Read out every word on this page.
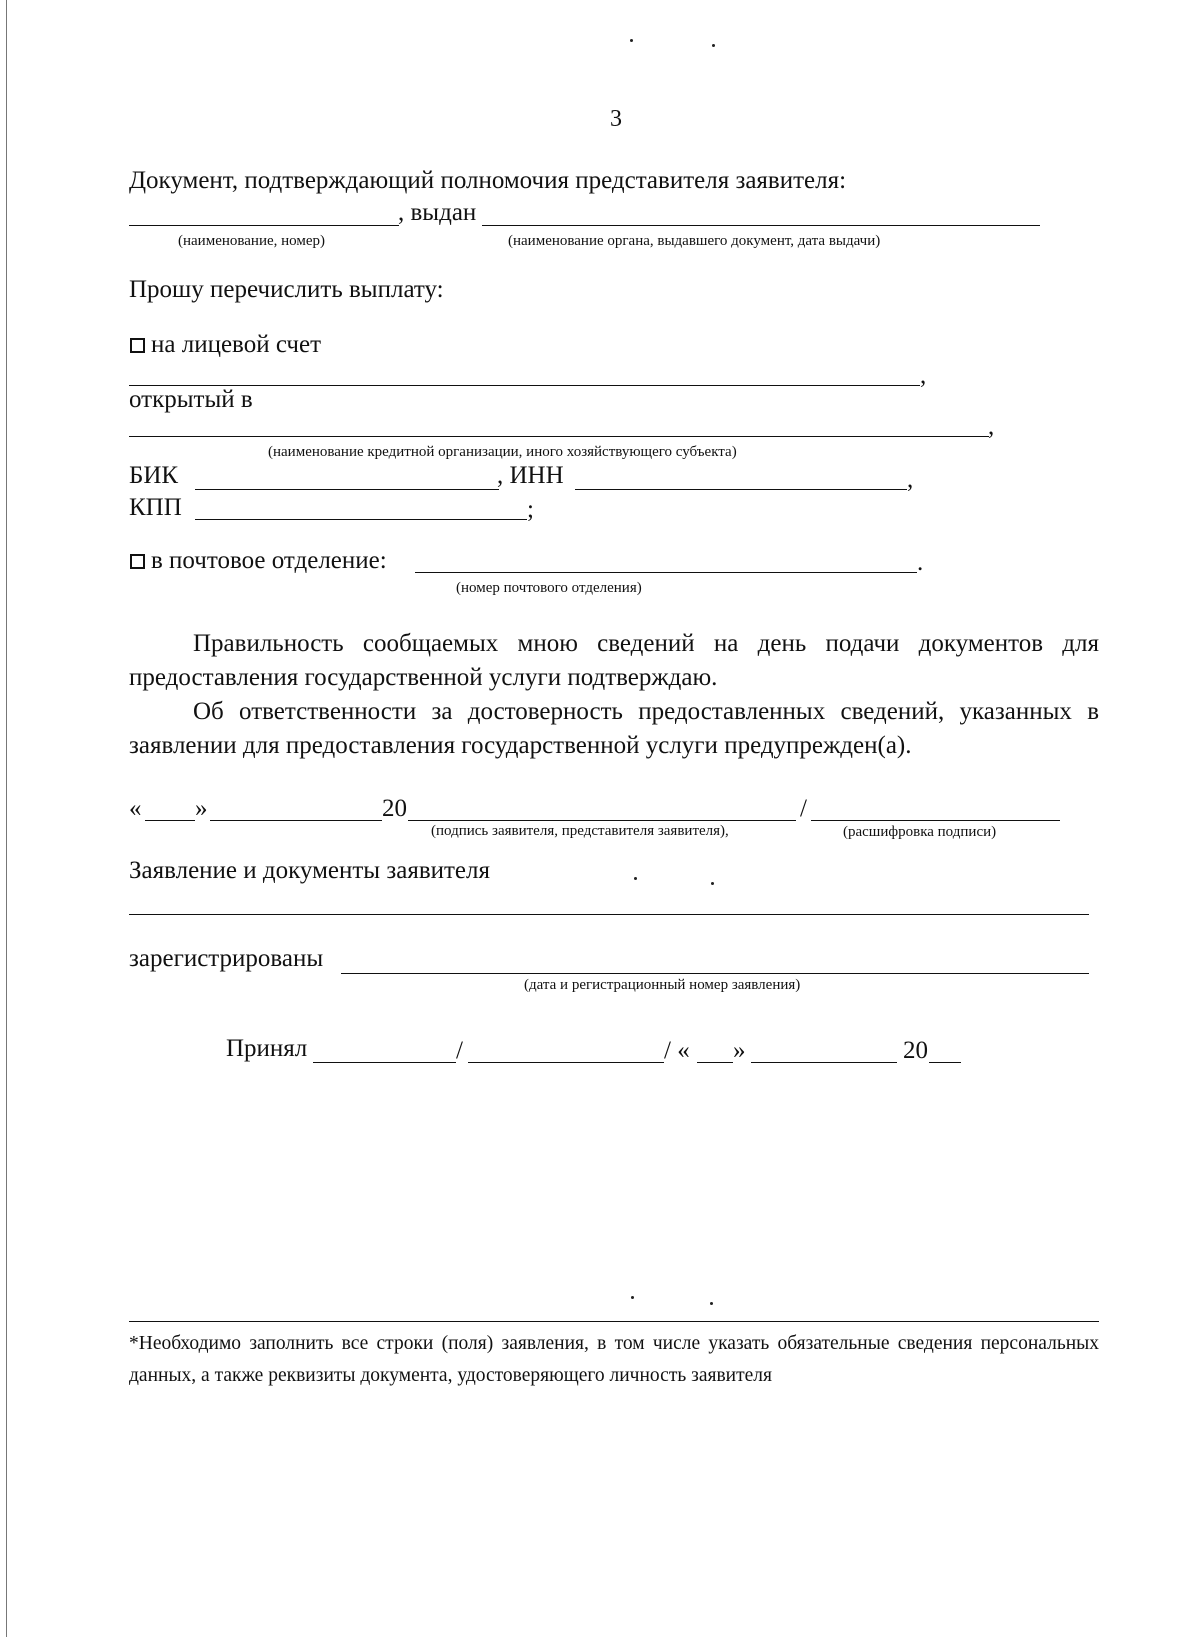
3
Документ, подтверждающий полномочия представителя заявителя:
, выдан
(наименование, номер)	(наименование органа, выдавшего документ, дата выдачи)
Прошу перечислить выплату:
на лицевой счет
,
открытый в
,
(наименование кредитной организации, иного хозяйствующего субъекта)
БИК	, ИНН	,
КПП	;
в почтовое отделение:	.
(номер почтового отделения)
Правильность сообщаемых мною сведений на день подачи документов для предоставления государственной услуги подтверждаю.
Об ответственности за достоверность предоставленных сведений, указанных в заявлении для предоставления государственной услуги предупрежден(а).
« »	20	/
(подпись заявителя, представителя заявителя),	(расшифровка подписи)
Заявление и документы заявителя
зарегистрированы
(дата и регистрационный номер заявления)
Принял	/	/ « »	20
*Необходимо заполнить все строки (поля) заявления, в том числе указать обязательные сведения персональных данных, а также реквизиты документа, удостоверяющего личность заявителя
